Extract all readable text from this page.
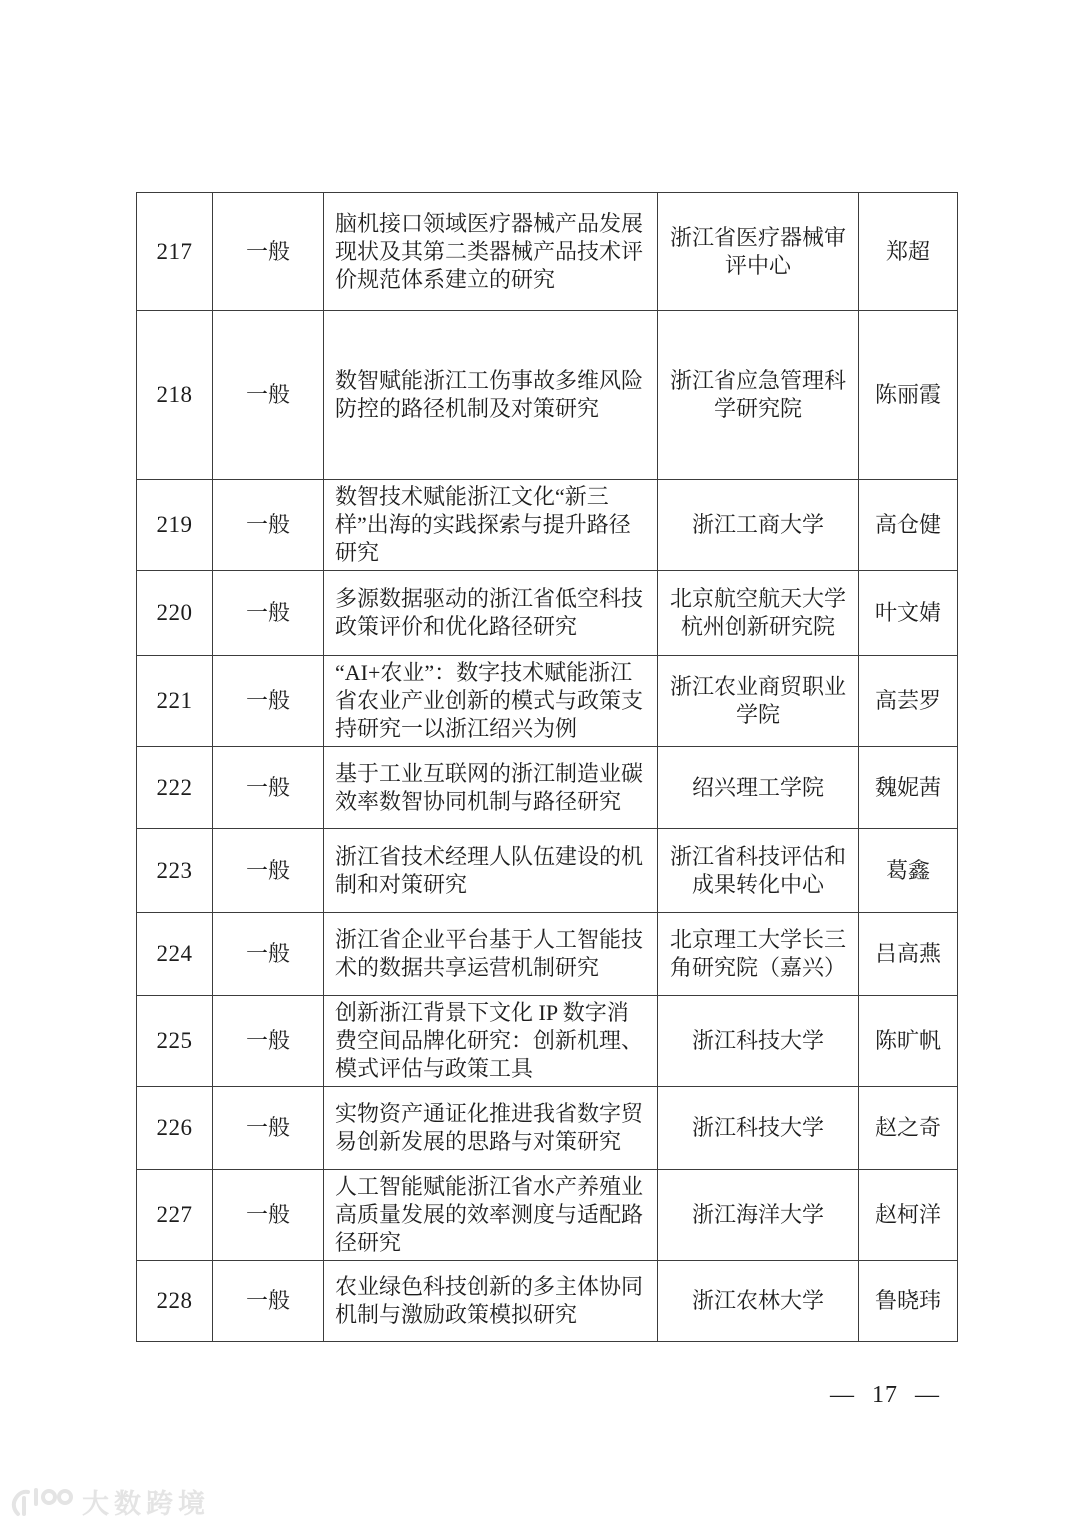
217	一般	脑机接口领域医疗器械产品发展现状及其第二类器械产品技术评价规范体系建立的研究	浙江省医疗器械审评中心	郑超
218	一般	数智赋能浙江工伤事故多维风险防控的路径机制及对策研究	浙江省应急管理科学研究院	陈丽霞
219	一般	数智技术赋能浙江文化“新三样”出海的实践探索与提升路径研究	浙江工商大学	高仓健
220	一般	多源数据驱动的浙江省低空科技政策评价和优化路径研究	北京航空航天大学杭州创新研究院	叶文婧
221	一般	“AI+农业”：数字技术赋能浙江省农业产业创新的模式与政策支持研究一以浙江绍兴为例	浙江农业商贸职业学院	高芸罗
222	一般	基于工业互联网的浙江制造业碳效率数智协同机制与路径研究	绍兴理工学院	魏妮茜
223	一般	浙江省技术经理人队伍建设的机制和对策研究	浙江省科技评估和成果转化中心	葛鑫
224	一般	浙江省企业平台基于人工智能技术的数据共享运营机制研究	北京理工大学长三角研究院（嘉兴）	吕高燕
225	一般	创新浙江背景下文化 IP 数字消费空间品牌化研究：创新机理、模式评估与政策工具	浙江科技大学	陈旷帆
226	一般	实物资产通证化推进我省数字贸易创新发展的思路与对策研究	浙江科技大学	赵之奇
227	一般	人工智能赋能浙江省水产养殖业高质量发展的效率测度与适配路径研究	浙江海洋大学	赵柯洋
228	一般	农业绿色科技创新的多主体协同机制与激励政策模拟研究	浙江农林大学	鲁晓玮
— 17 —
大数跨境
